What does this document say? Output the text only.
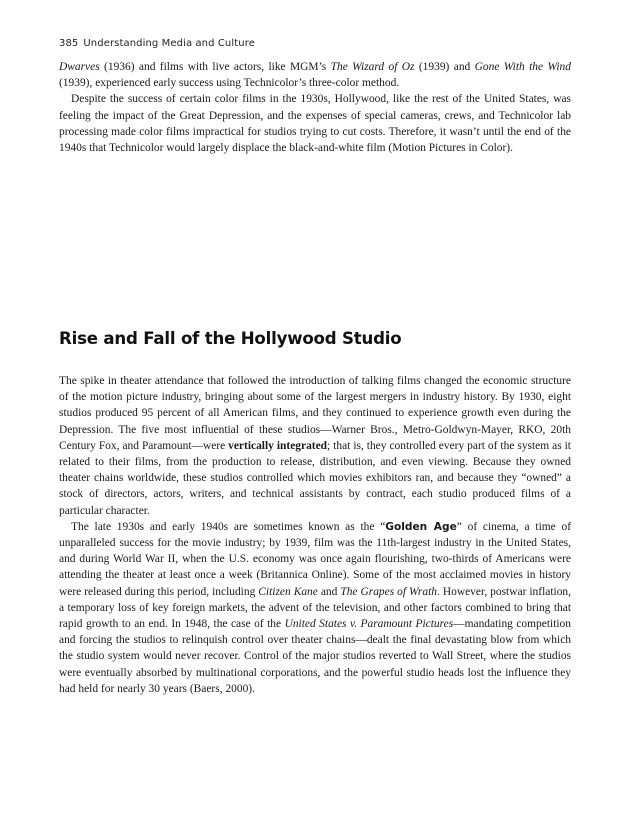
385 Understanding Media and Culture

Dwarves (1936) and films with live actors, like MGM’s The Wizard of Oz (1939) and Gone With the Wind (1939), experienced early success using Technicolor’s three-color method.

Despite the success of certain color films in the 1930s, Hollywood, like the rest of the United States, was feeling the impact of the Great Depression, and the expenses of special cameras, crews, and Technicolor lab processing made color films impractical for studios trying to cut costs. Therefore, it wasn’t until the end of the 1940s that Technicolor would largely displace the black-and-white film (Motion Pictures in Color).

Rise and Fall of the Hollywood Studio

The spike in theater attendance that followed the introduction of talking films changed the economic structure of the motion picture industry, bringing about some of the largest mergers in industry history. By 1930, eight studios produced 95 percent of all American films, and they continued to experience growth even during the Depression. The five most influential of these studios—Warner Bros., Metro-Goldwyn-Mayer, RKO, 20th Century Fox, and Paramount—were vertically integrated; that is, they controlled every part of the system as it related to their films, from the production to release, distribution, and even viewing. Because they owned theater chains worldwide, these studios controlled which movies exhibitors ran, and because they “owned” a stock of directors, actors, writers, and technical assistants by contract, each studio produced films of a particular character.

The late 1930s and early 1940s are sometimes known as the “Golden Age” of cinema, a time of unparalleled success for the movie industry; by 1939, film was the 11th-largest industry in the United States, and during World War II, when the U.S. economy was once again flourishing, two-thirds of Americans were attending the theater at least once a week (Britannica Online). Some of the most acclaimed movies in history were released during this period, including Citizen Kane and The Grapes of Wrath. However, postwar inflation, a temporary loss of key foreign markets, the advent of the television, and other factors combined to bring that rapid growth to an end. In 1948, the case of the United States v. Paramount Pictures—mandating competition and forcing the studios to relinquish control over theater chains—dealt the final devastating blow from which the studio system would never recover. Control of the major studios reverted to Wall Street, where the studios were eventually absorbed by multinational corporations, and the powerful studio heads lost the influence they had held for nearly 30 years (Baers, 2000).
